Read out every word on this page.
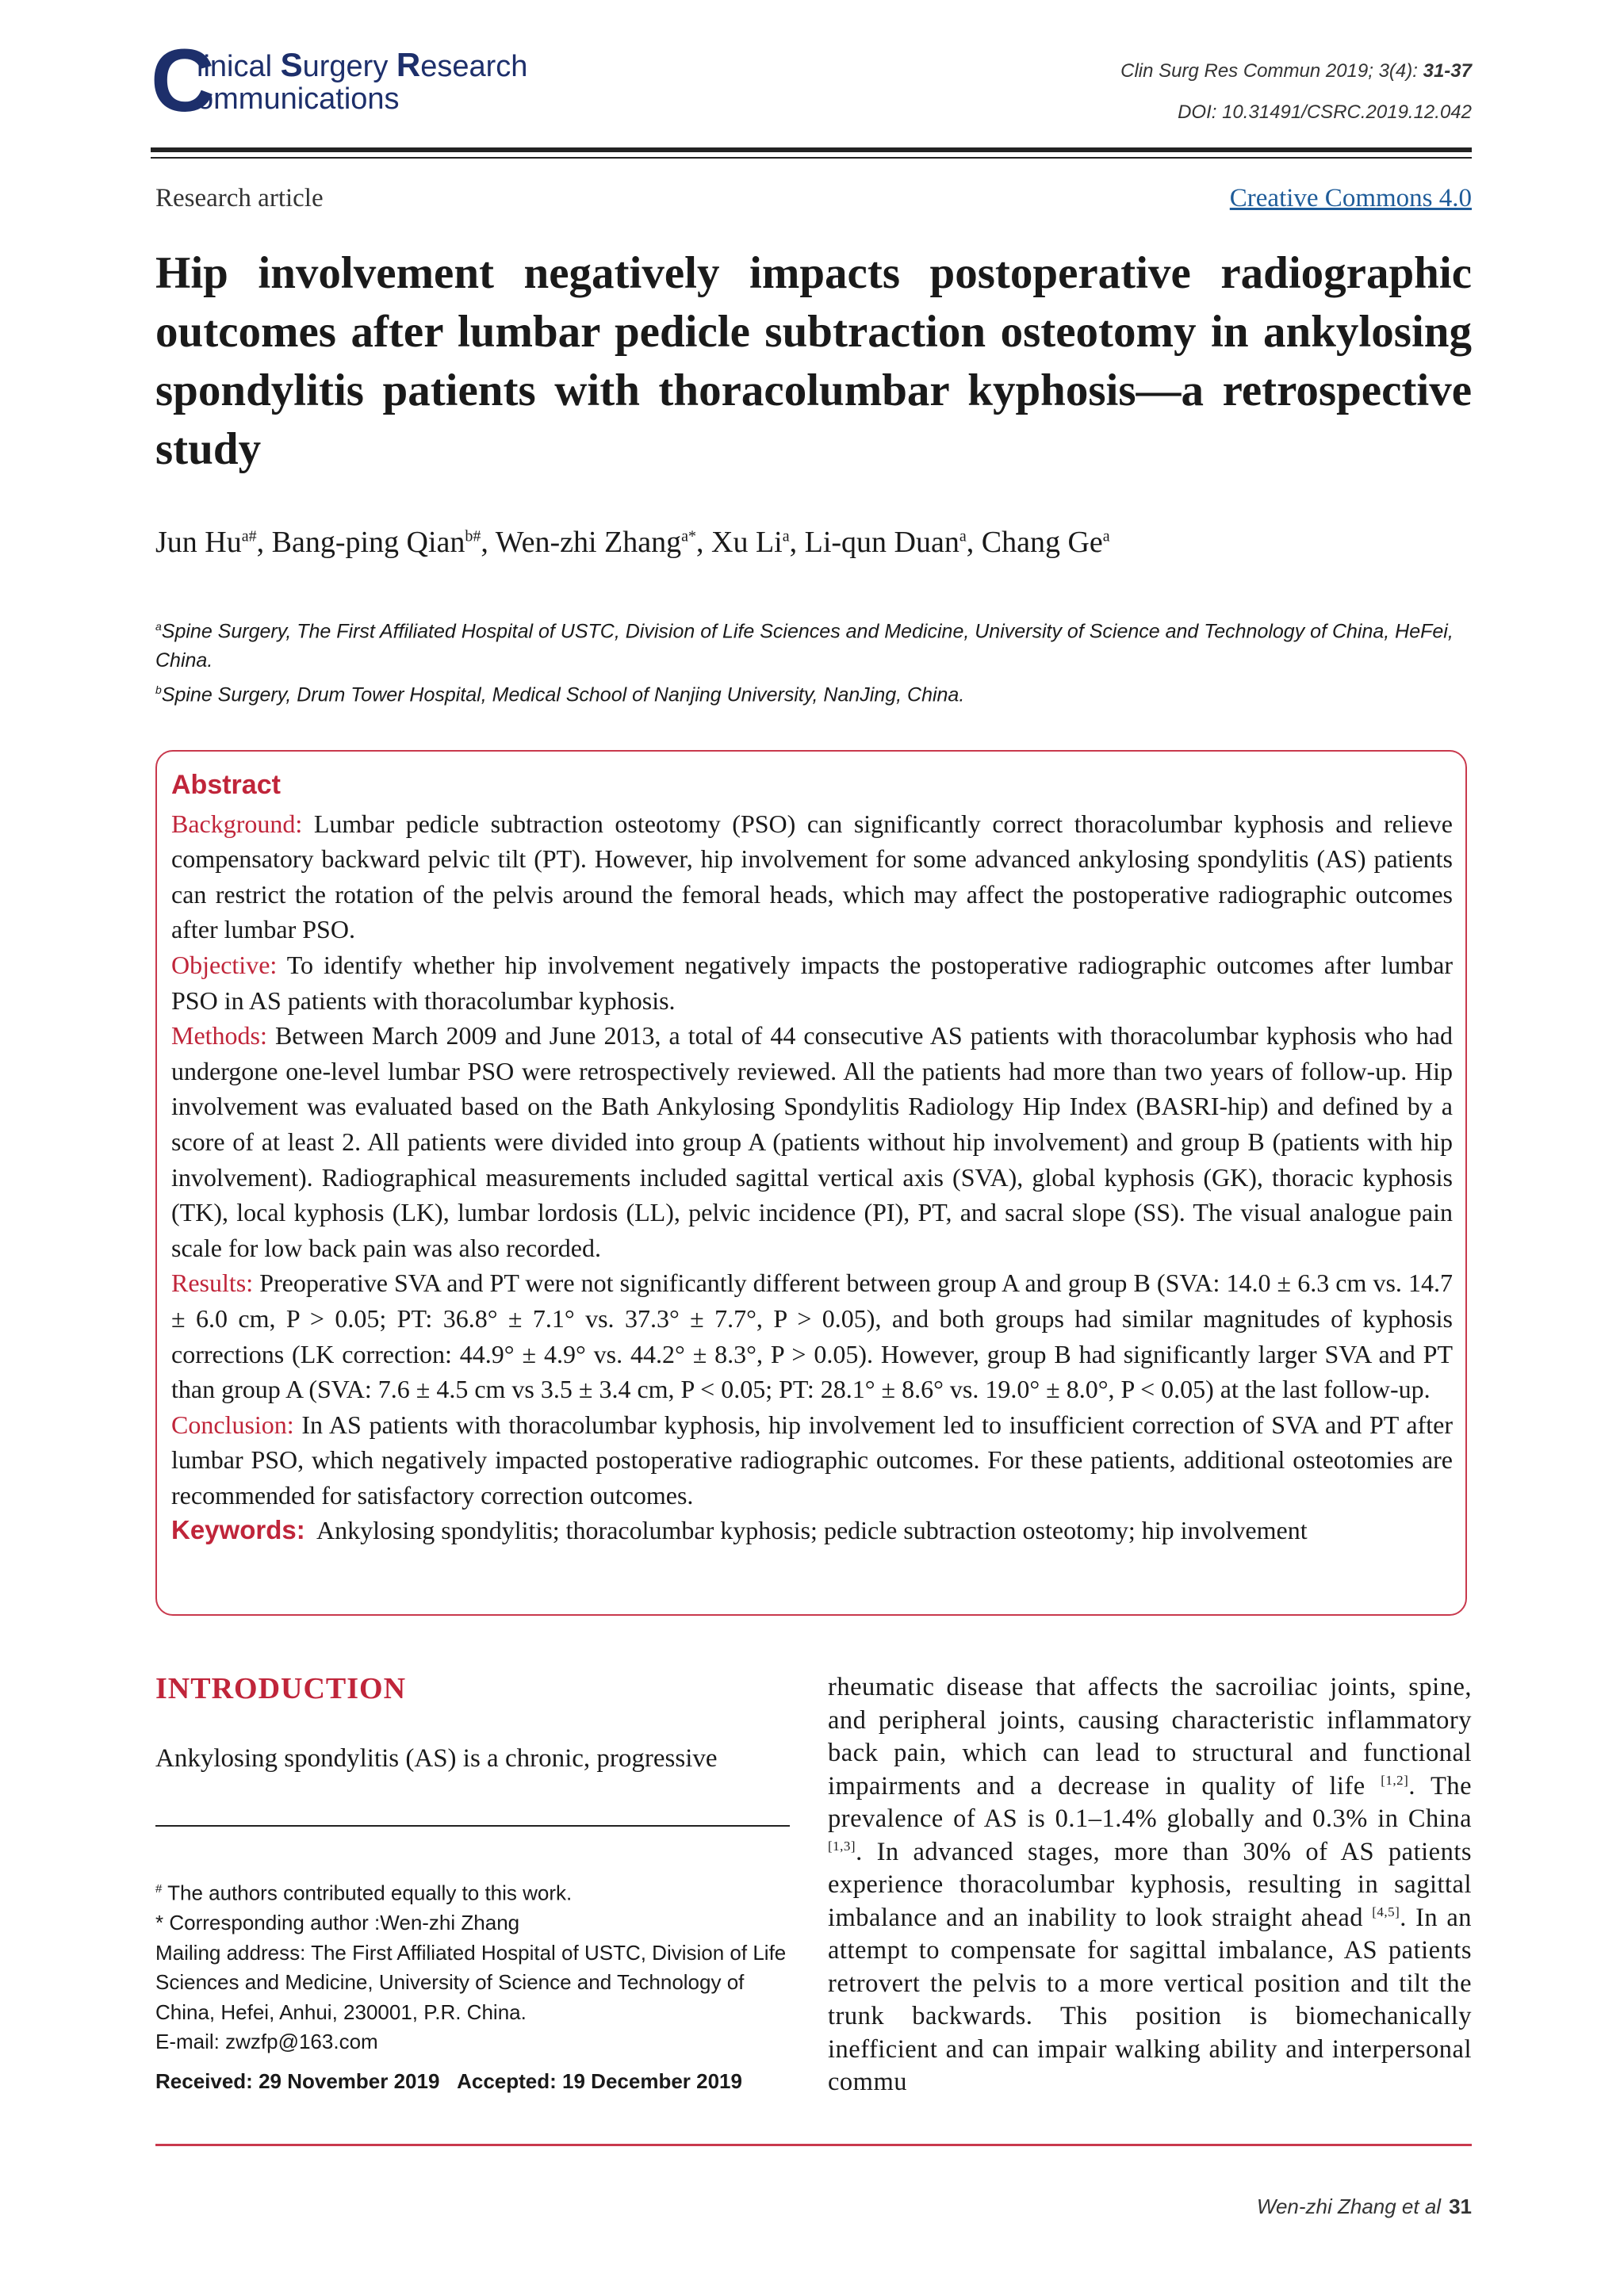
C
linical Surgery Research
ommunications
Clin Surg Res Commun 2019; 3(4): 31-37
DOI: 10.31491/CSRC.2019.12.042
Research article	Creative Commons 4.0
Hip involvement negatively impacts postoperative radiographic outcomes after lumbar pedicle subtraction osteotomy in ankylosing spondylitis patients with thoracolumbar kyphosis—a retrospective study
Jun $Hu^{a\#}$, Bang-ping Qian$^{b\#}$, Wen-zhi Zhang$^{a*}$, Xu Li$^a$, Li-qun Duan$^a$, Chang Ge$^a$
$^a$Spine Surgery, The First Affiliated Hospital of USTC, Division of Life Sciences and Medicine, University of Science and Technology of China, HeFei, China.
$^b$Spine Surgery, Drum Tower Hospital, Medical School of Nanjing University, NanJing, China.
Abstract

Background: Lumbar pedicle subtraction osteotomy (PSO) can significantly correct thoracolumbar kyphosis and relieve compensatory backward pelvic tilt (PT). However, hip involvement for some advanced ankylosing spondylitis (AS) patients can restrict the rotation of the pelvis around the femoral heads, which may affect the postoperative radiographic outcomes after lumbar PSO.

Objective: To identify whether hip involvement negatively impacts the postoperative radiographic outcomes after lumbar PSO in AS patients with thoracolumbar kyphosis.

Methods: Between March 2009 and June 2013, a total of 44 consecutive AS patients with thoracolumbar kyphosis who had undergone one-level lumbar PSO were retrospectively reviewed. All the patients had more than two years of follow-up. Hip involvement was evaluated based on the Bath Ankylosing Spondylitis Radiology Hip Index (BASRI-hip) and defined by a score of at least 2. All patients were divided into group A (patients without hip involvement) and group B (patients with hip involvement). Radiographical measurements included sagittal vertical axis (SVA), global kyphosis (GK), thoracic kyphosis (TK), local kyphosis (LK), lumbar lordosis (LL), pelvic incidence (PI), PT, and sacral slope (SS). The visual analogue pain scale for low back pain was also recorded.

Results: Preoperative SVA and PT were not significantly different between group A and group B (SVA: 14.0 ± 6.3 cm vs. 14.7 ± 6.0 cm, P > 0.05; PT: 36.8° ± 7.1° vs. 37.3° ± 7.7°, P > 0.05), and both groups had similar magnitudes of kyphosis corrections (LK correction: 44.9° ± 4.9° vs. 44.2° ± 8.3°, P > 0.05). However, group B had significantly larger SVA and PT than group A (SVA: 7.6 ± 4.5 cm vs 3.5 ± 3.4 cm, P < 0.05; PT: 28.1° ± 8.6° vs. 19.0° ± 8.0°, P < 0.05) at the last follow-up.

Conclusion: In AS patients with thoracolumbar kyphosis, hip involvement led to insufficient correction of SVA and PT after lumbar PSO, which negatively impacted postoperative radiographic outcomes. For these patients, additional osteotomies are recommended for satisfactory correction outcomes.

Keywords: Ankylosing spondylitis; thoracolumbar kyphosis; pedicle subtraction osteotomy; hip involvement

INTRODUCTION
Ankylosing spondylitis (AS) is a chronic, progressive

# The authors contributed equally to this work.

* Corresponding author :Wen-zhi Zhang

Mailing address: The First Affiliated Hospital of USTC, Division of Life Sciences and Medicine, University of Science and Technology of China, Hefei, Anhui, 230001, P.R. China.

E-mail: zwzfp@163.com

Received: 29 November 2019 Accepted: 19 December 2019
rheumatic disease that affects the sacroiliac joints, spine, and peripheral joints, causing characteristic inflammatory back pain, which can lead to structural and functional impairments and a decrease in quality of life [1,2]. The prevalence of AS is 0.1–1.4% globally and 0.3% in China [1,3]. In advanced stages, more than 30% of AS patients experience thoracolumbar kyphosis, resulting in sagittal imbalance and an inability to look straight ahead [4,5]. In an attempt to compensate for sagittal imbalance, AS patients retrovert the pelvis to a more vertical position and tilt the trunk backwards. This position is biomechanically inefficient and can impair walking ability and interpersonal commu
Wen-zhi Zhang et al 31
